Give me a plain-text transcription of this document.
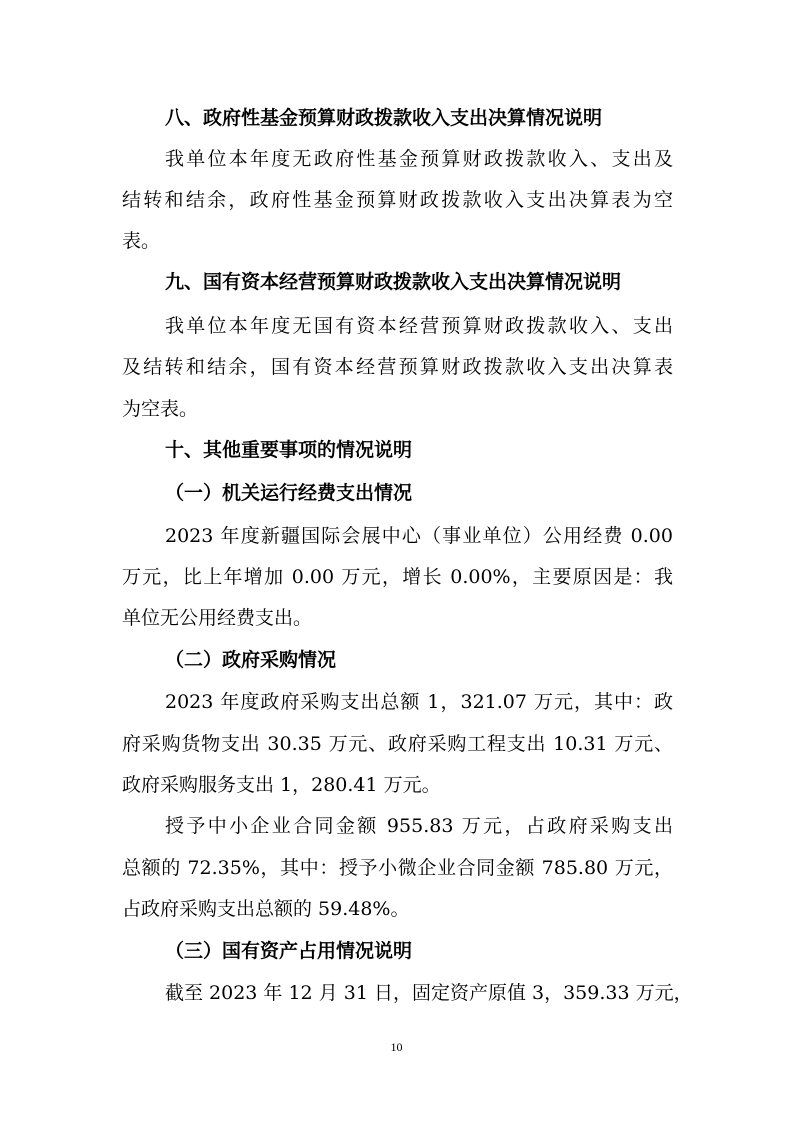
八、政府性基金预算财政拨款收入支出决算情况说明
我单位本年度无政府性基金预算财政拨款收入、支出及
结转和结余，政府性基金预算财政拨款收入支出决算表为空
表。
九、国有资本经营预算财政拨款收入支出决算情况说明
我单位本年度无国有资本经营预算财政拨款收入、支出
及结转和结余，国有资本经营预算财政拨款收入支出决算表
为空表。
十、其他重要事项的情况说明
（一）机关运行经费支出情况
2023 年度新疆国际会展中心（事业单位）公用经费 0.00
万元，比上年增加 0.00 万元，增长 0.00%，主要原因是：我
单位无公用经费支出。
（二）政府采购情况
2023 年度政府采购支出总额 1，321.07 万元，其中：政
府采购货物支出 30.35 万元、政府采购工程支出 10.31 万元、
政府采购服务支出 1，280.41 万元。
授予中小企业合同金额 955.83 万元，占政府采购支出
总额的 72.35%，其中：授予小微企业合同金额 785.80 万元，
占政府采购支出总额的 59.48%。
（三）国有资产占用情况说明
截至 2023 年 12 月 31 日，固定资产原值 3，359.33 万元，
10
